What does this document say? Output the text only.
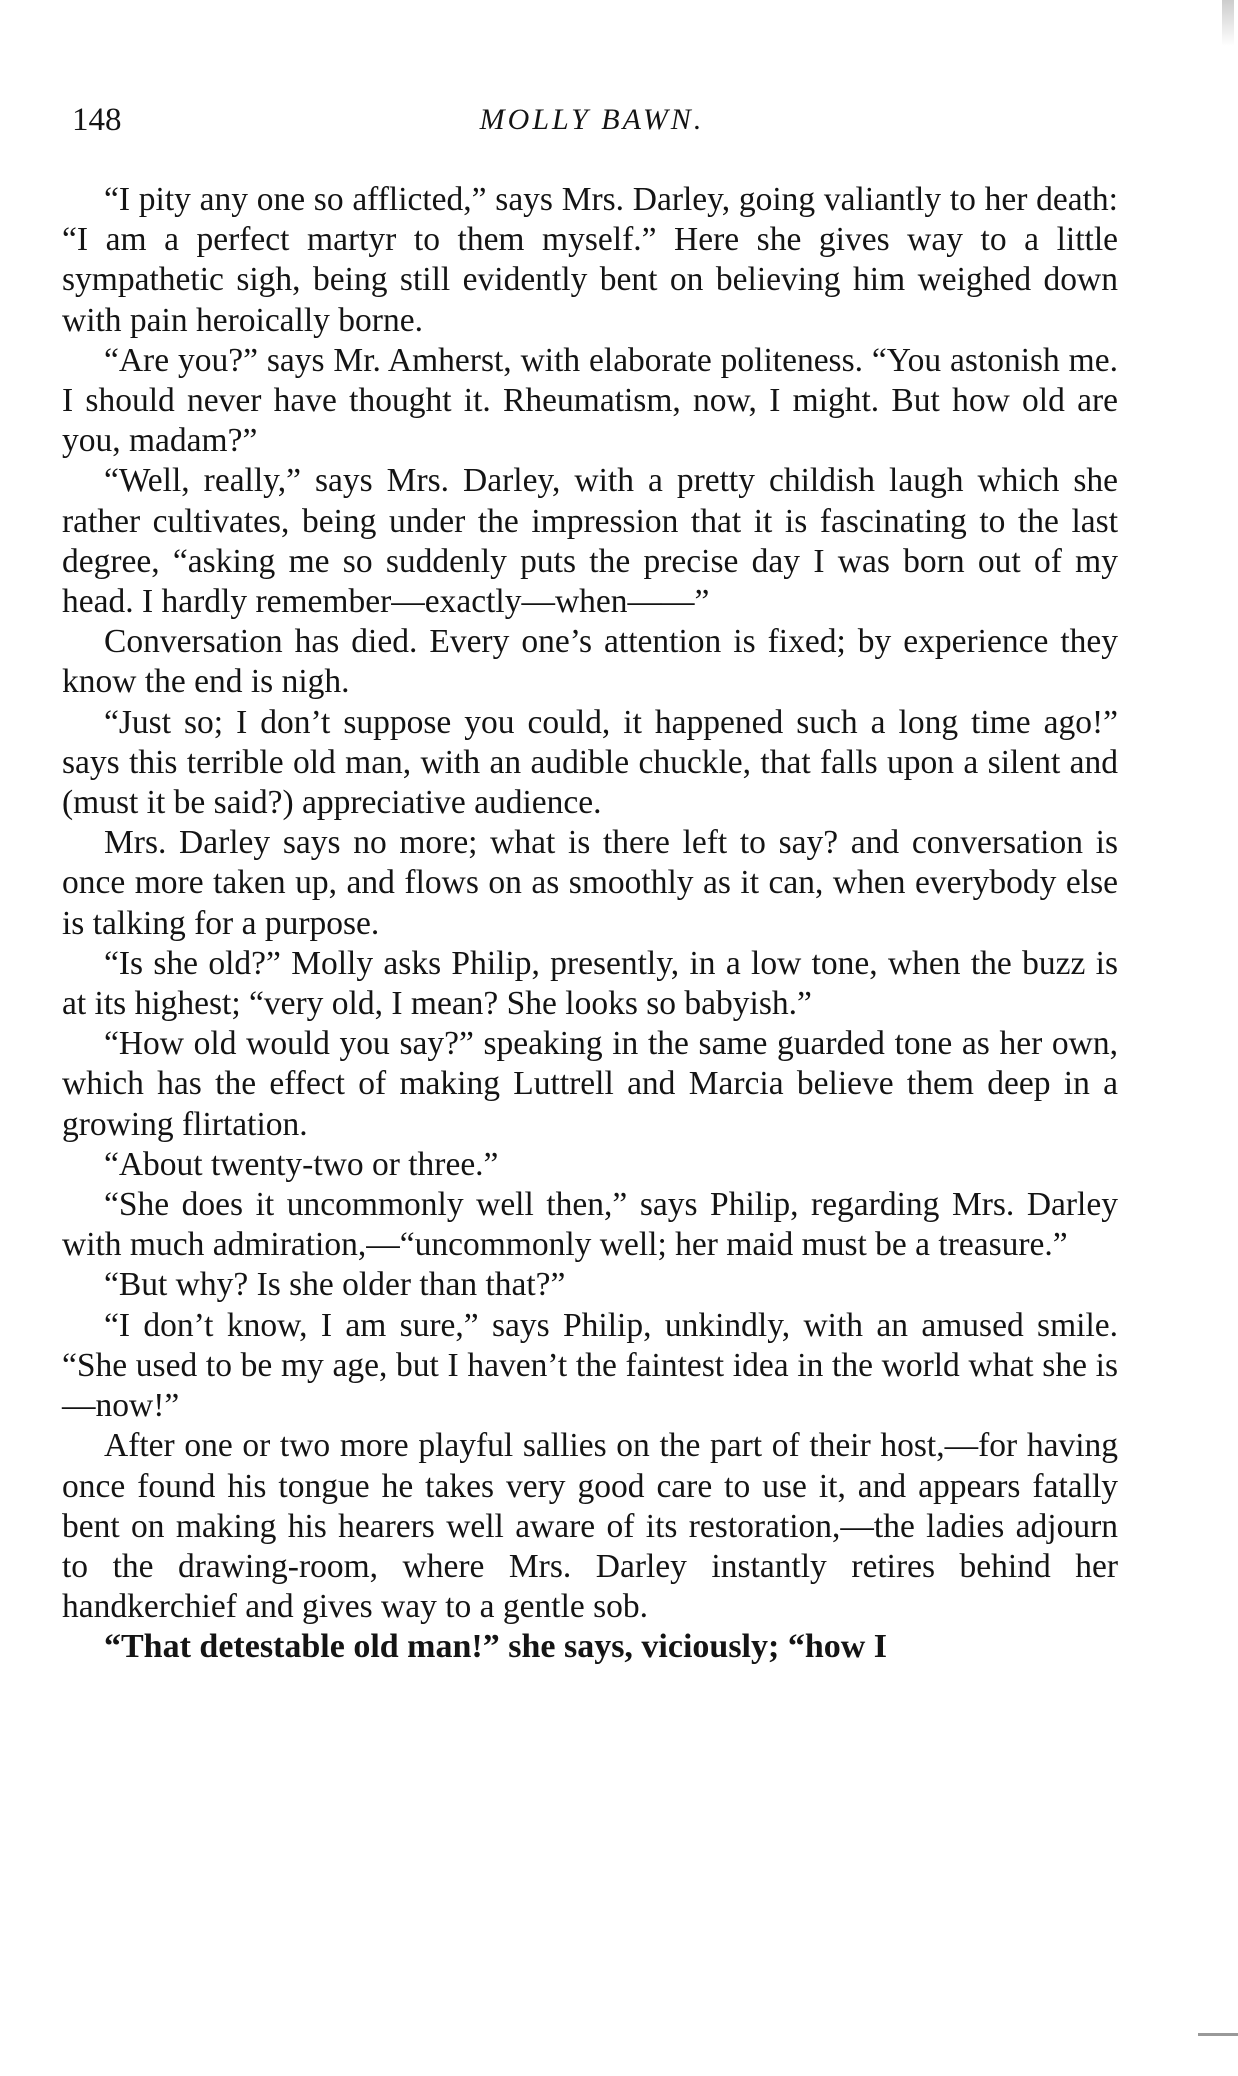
148	MOLLY BAWN.

“I pity any one so afflicted,” says Mrs. Darley, going valiantly to her death: “I am a perfect martyr to them myself.” Here she gives way to a little sympathetic sigh, being still evidently bent on believing him weighed down with pain heroically borne.

“Are you?” says Mr. Amherst, with elaborate politeness. “You astonish me. I should never have thought it. Rheumatism, now, I might. But how old are you, madam?”

“Well, really,” says Mrs. Darley, with a pretty childish laugh which she rather cultivates, being under the impression that it is fascinating to the last degree, “asking me so suddenly puts the precise day I was born out of my head. I hardly remember—exactly—when——”

Conversation has died. Every one’s attention is fixed; by experience they know the end is nigh.

“Just so; I don’t suppose you could, it happened such a long time ago!” says this terrible old man, with an audible chuckle, that falls upon a silent and (must it be said?) appreciative audience.

Mrs. Darley says no more; what is there left to say? and conversation is once more taken up, and flows on as smoothly as it can, when everybody else is talking for a purpose.

“Is she old?” Molly asks Philip, presently, in a low tone, when the buzz is at its highest; “very old, I mean? She looks so babyish.”

“How old would you say?” speaking in the same guarded tone as her own, which has the effect of making Luttrell and Marcia believe them deep in a growing flirtation.

“About twenty-two or three.”

“She does it uncommonly well then,” says Philip, regarding Mrs. Darley with much admiration,—“uncommonly well; her maid must be a treasure.”

“But why? Is she older than that?”

“I don’t know, I am sure,” says Philip, unkindly, with an amused smile. “She used to be my age, but I haven’t the faintest idea in the world what she is—now!”

After one or two more playful sallies on the part of their host,—for having once found his tongue he takes very good care to use it, and appears fatally bent on making his hearers well aware of its restoration,—the ladies adjourn to the drawing-room, where Mrs. Darley instantly retires behind her handkerchief and gives way to a gentle sob.

“That detestable old man!” she says, viciously; “how I
